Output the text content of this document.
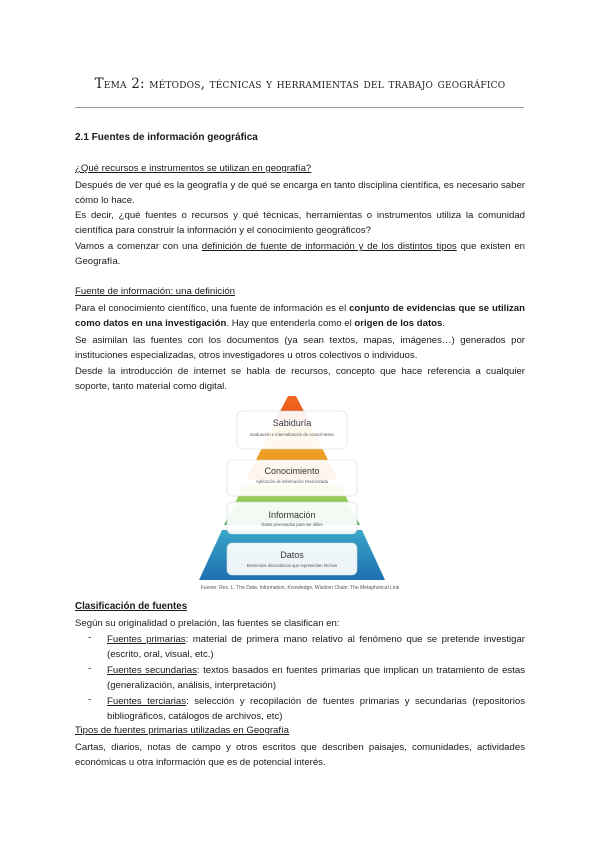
Tema 2: métodos, técnicas y herramientas del trabajo geográfico
2.1 Fuentes de información geográfica
¿Qué recursos e instrumentos se utilizan en geografía?
Después de ver qué es la geografía y de qué se encarga en tanto disciplina científica, es necesario saber cómo lo hace.
Es decir, ¿qué fuentes o recursos y qué técnicas, herramientas o instrumentos utiliza la comunidad científica para construir la información y el conocimiento geográficos?
Vamos a comenzar con una definición de fuente de información y de los distintos tipos que existen en Geografía.
Fuente de información: una definición
Para el conocimiento científico, una fuente de información es el conjunto de evidencias que se utilizan como datos en una investigación. Hay que entenderla como el origen de los datos.
Se asimilan las fuentes con los documentos (ya sean textos, mapas, imágenes…) generados por instituciones especializadas, otros investigadores u otros colectivos o individuos.
Desde la introducción de internet se habla de recursos, concepto que hace referencia a cualquier soporte, tanto material como digital.
Sabiduría
Evaluación e internalización de conocimiento
Conocimiento
Aplicación de información Interiorizada
Información
Datos procesados para ser útiles
Datos
Elementos discontinuos que representan hechos
Fuente: Rex, L. The Data, Information, Knowledge, Wisdom Chain: The Metaphorical Link
Clasificación de fuentes
Según su originalidad o prelación, las fuentes se clasifican en:
- Fuentes primarias: material de primera mano relativo al fenómeno que se pretende investigar (escrito, oral, visual, etc.)
- Fuentes secundarias: textos basados en fuentes primarias que implican un tratamiento de estas (generalización, análisis, interpretación)
- Fuentes terciarias: selección y recopilación de fuentes primarias y secundarias (repositorios bibliográficos, catálogos de archivos, etc)
Tipos de fuentes primarias utilizadas en Geografía
Cartas, diarios, notas de campo y otros escritos que describen paisajes, comunidades, actividades económicas u otra información que es de potencial interés.
